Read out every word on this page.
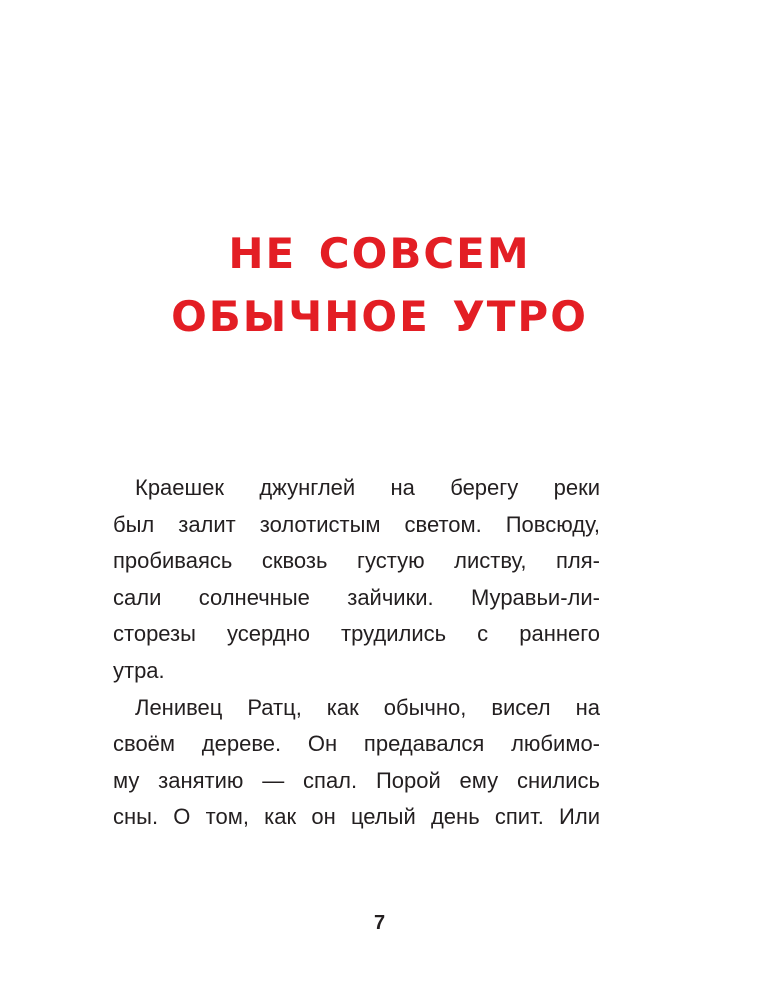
НЕ СОВСЕМ
ОБЫЧНОЕ УТРО
Краешек джунглей на берегу реки
был залит золотистым светом. Повсюду,
пробиваясь сквозь густую листву, пля-
сали солнечные зайчики. Муравьи-ли-
сторезы усердно трудились с раннего
утра.
Ленивец Ратц, как обычно, висел на
своём дереве. Он предавался любимо-
му занятию — спал. Порой ему снились
сны. О том, как он целый день спит. Или
7
